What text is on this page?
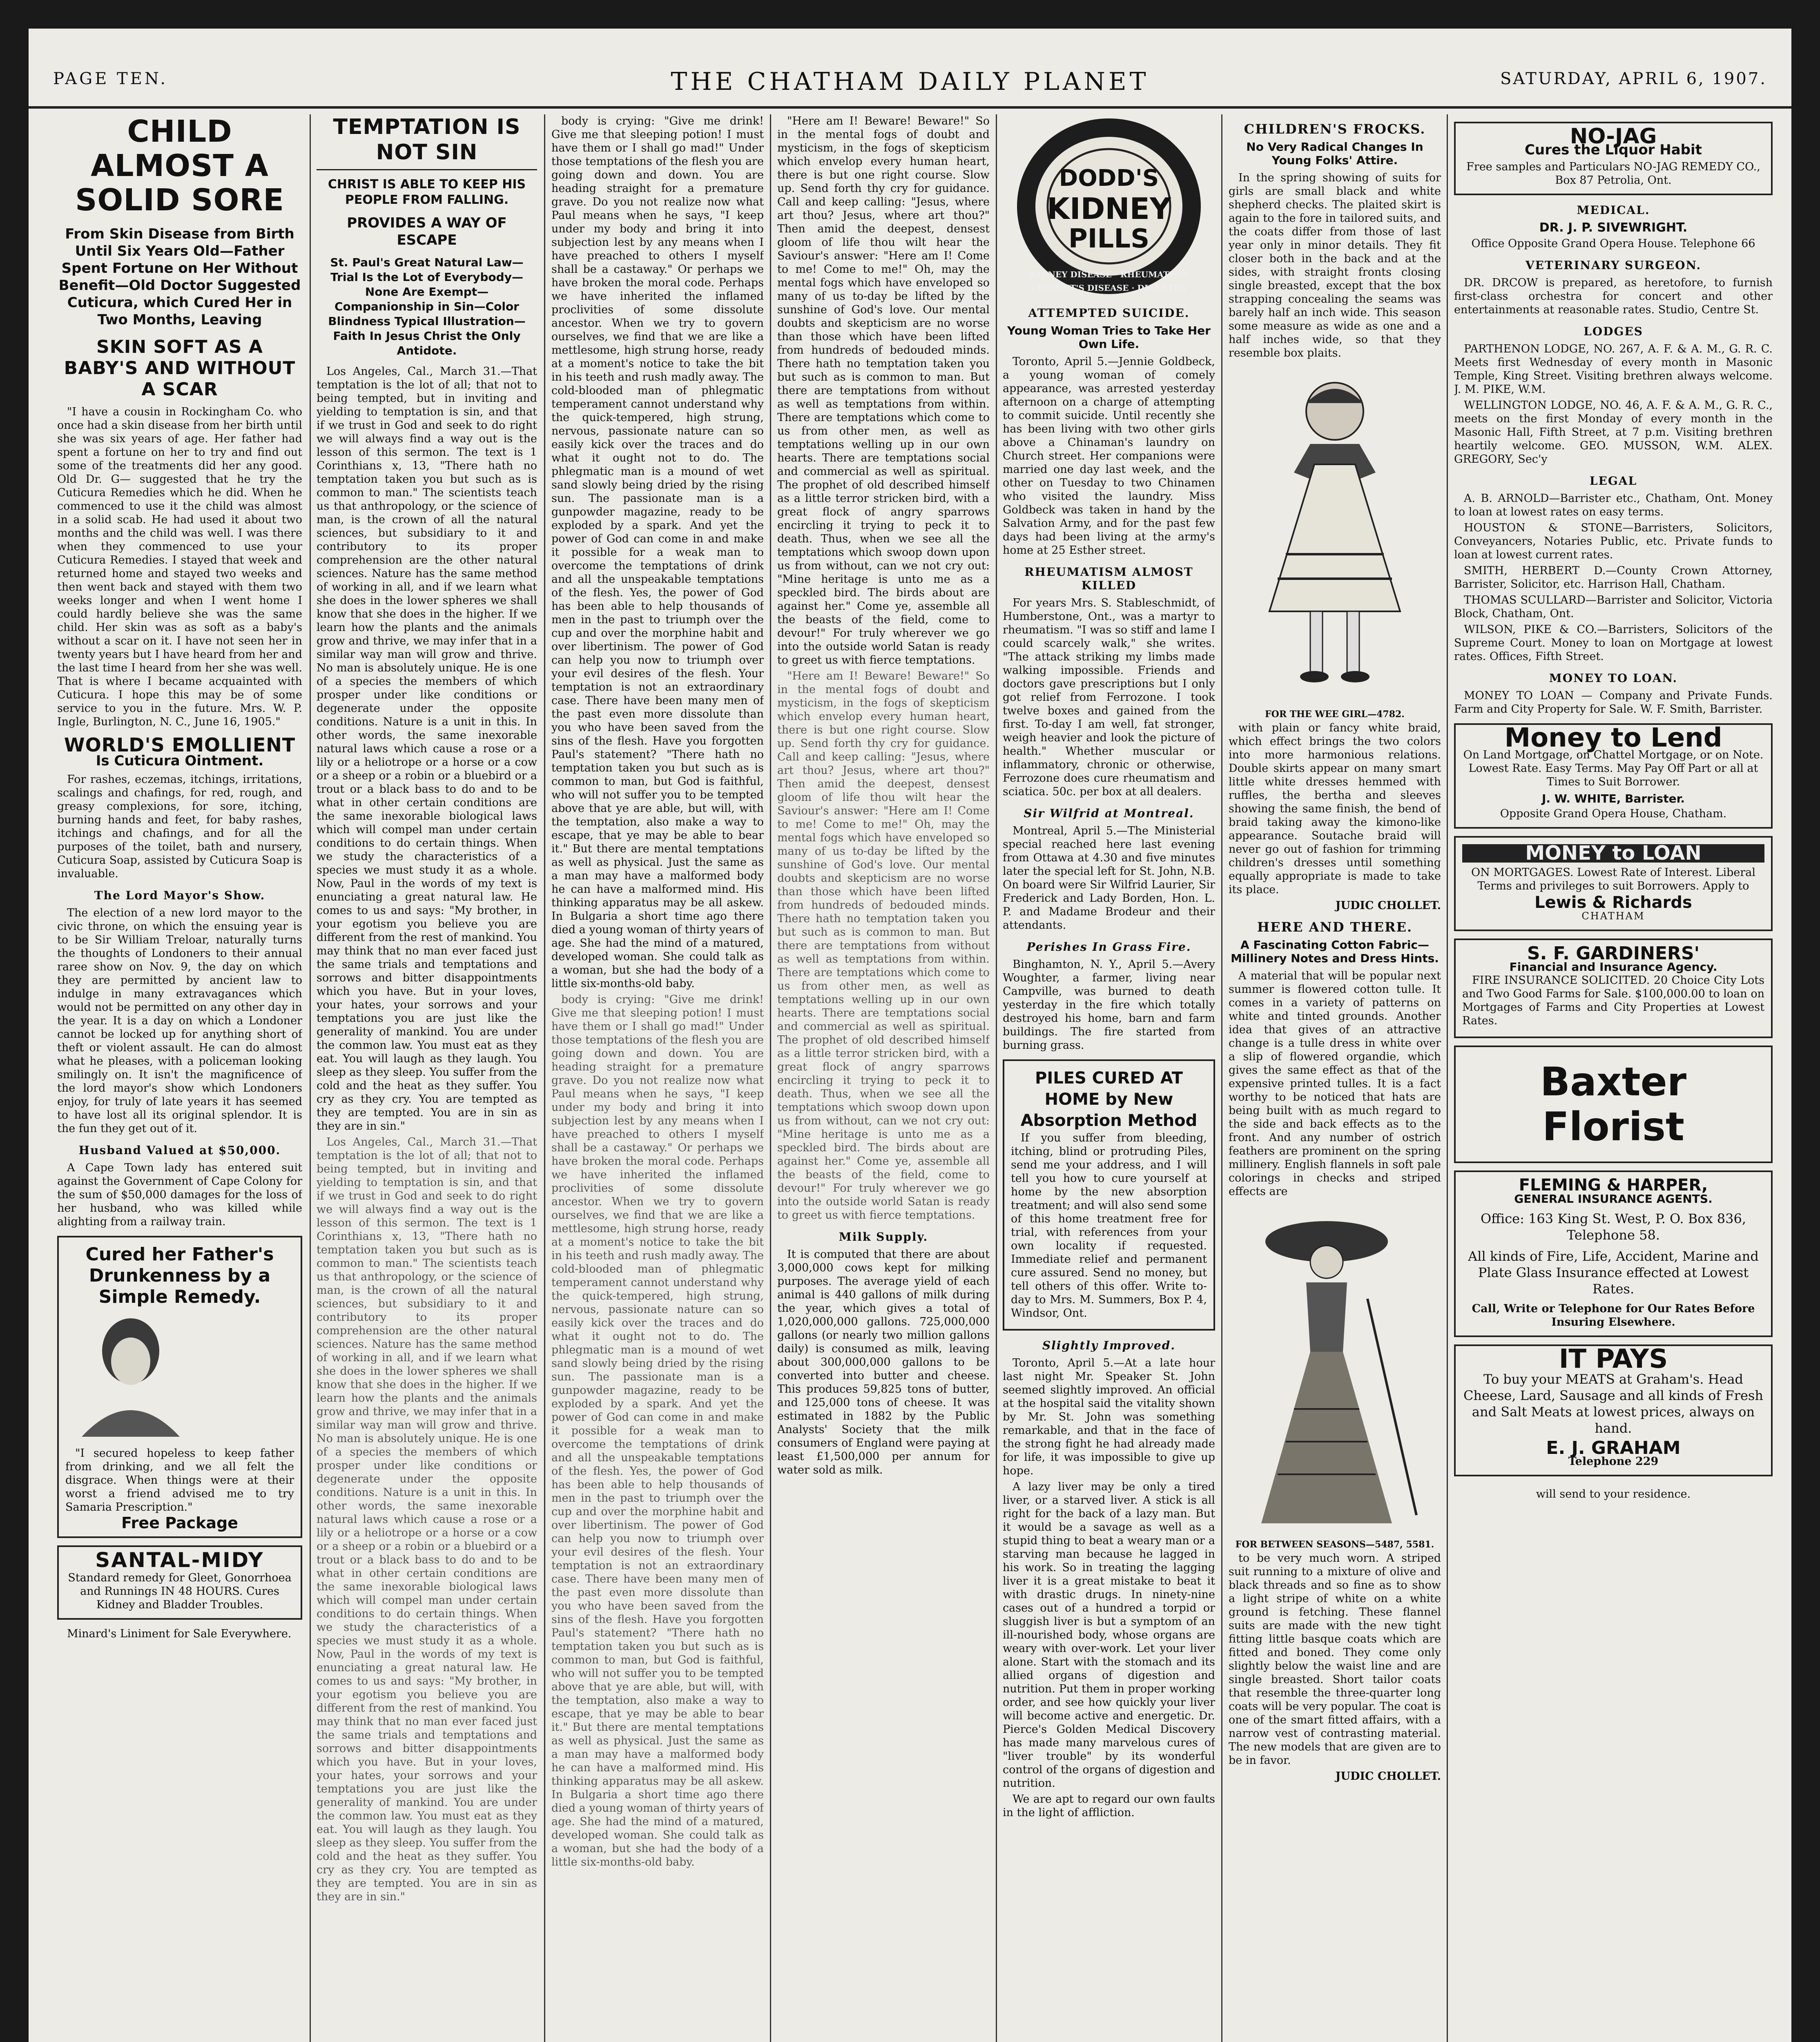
PAGE TEN.	THE CHATHAM DAILY PLANET	SATURDAY, APRIL 6, 1907.
CHILD ALMOST A SOLID SORE
From Skin Disease from Birth Until Six Years Old—Father Spent Fortune on Her Without Benefit—Old Doctor Suggested Cuticura, which Cured Her in Two Months, Leaving
SKIN SOFT AS A BABY'S AND WITHOUT A SCAR

"I have a cousin in Rockingham Co. who once had a skin disease from her birth until she was six years of age. Her father had spent a fortune on her to try and find out some of the treatments did her any good. Old Dr. G— suggested that he try the Cuticura Remedies which he did. When he commenced to use it the child was almost in a solid scab. He had used it about two months and the child was well. I was there when they commenced to use your Cuticura Remedies. I stayed that week and returned home and stayed two weeks and then went back and stayed with them two weeks longer and when I went home I could hardly believe she was the same child. Her skin was as soft as a baby's without a scar on it. I have not seen her in twenty years but I have heard from her and the last time I heard from her she was well. That is where I became acquainted with Cuticura. I hope this may be of some service to you in the future. Mrs. W. P. Ingle, Burlington, N. C., June 16, 1905."

WORLD'S EMOLLIENT
Is Cuticura Ointment.

For rashes, eczemas, itchings, irritations, scalings and chafings, for red, rough, and greasy complexions, for sore, itching, burning hands and feet, for baby rashes, itchings and chafings, and for all the purposes of the toilet, bath and nursery, Cuticura Soap, assisted by Cuticura Soap is invaluable.

The Lord Mayor's Show.

The election of a new lord mayor to the civic throne, on which the ensuing year is to be Sir William Treloar, naturally turns the thoughts of Londoners to their annual raree show on Nov. 9, the day on which they are permitted by ancient law to indulge in many extravagances which would not be permitted on any other day in the year. It is a day on which a Londoner cannot be locked up for anything short of theft or violent assault. He can do almost what he pleases, with a policeman looking smilingly on. It isn't the magnificence of the lord mayor's show which Londoners enjoy, for truly of late years it has seemed to have lost all its original splendor. It is the fun they get out of it.

Husband Valued at $50,000.

A Cape Town lady has entered suit against the Government of Cape Colony for the sum of $50,000 damages for the loss of her husband, who was killed while alighting from a railway train.

Cured her Father's Drunkenness by a Simple Remedy.

"I secured hopeless to keep father from drinking, and we all felt the disgrace. When things were at their worst a friend advised me to try Samaria Prescription."

Free Package
SANTAL-MIDY

Standard remedy for Gleet, Gonorrhoea and Runnings IN 48 HOURS. Cures Kidney and Bladder Troubles.

Minard's Liniment for Sale Everywhere.

TEMPTATION IS NOT SIN
CHRIST IS ABLE TO KEEP HIS PEOPLE FROM FALLING.
PROVIDES A WAY OF ESCAPE
St. Paul's Great Natural Law—Trial Is the Lot of Everybody—None Are Exempt—Companionship in Sin—Color Blindness Typical Illustration—Faith In Jesus Christ the Only Antidote.

Los Angeles, Cal., March 31.—That temptation is the lot of all; that not to being tempted, but in inviting and yielding to temptation is sin, and that if we trust in God and seek to do right we will always find a way out is the lesson of this sermon. The text is 1 Corinthians x, 13, "There hath no temptation taken you but such as is common to man." The scientists teach us that anthropology, or the science of man, is the crown of all the natural sciences, but subsidiary to it and contributory to its proper comprehension are the other natural sciences. Nature has the same method of working in all, and if we learn what she does in the lower spheres we shall know that she does in the higher. If we learn how the plants and the animals grow and thrive, we may infer that in a similar way man will grow and thrive. No man is absolutely unique. He is one of a species the members of which prosper under like conditions or degenerate under the opposite conditions. Nature is a unit in this. In other words, the same inexorable natural laws which cause a rose or a lily or a heliotrope or a horse or a cow or a sheep or a robin or a bluebird or a trout or a black bass to do and to be what in other certain conditions are the same inexorable biological laws which will compel man under certain conditions to do certain things. When we study the characteristics of a species we must study it as a whole. Now, Paul in the words of my text is enunciating a great natural law. He comes to us and says: "My brother, in your egotism you believe you are different from the rest of mankind. You may think that no man ever faced just the same trials and temptations and sorrows and bitter disappointments which you have. But in your loves, your hates, your sorrows and your temptations you are just like the generality of mankind. You are under the common law. You must eat as they eat. You will laugh as they laugh. You sleep as they sleep. You suffer from the cold and the heat as they suffer. You cry as they cry. You are tempted as they are tempted. You are in sin as they are in sin."

Los Angeles, Cal., March 31.—That temptation is the lot of all; that not to being tempted, but in inviting and yielding to temptation is sin, and that if we trust in God and seek to do right we will always find a way out is the lesson of this sermon. The text is 1 Corinthians x, 13, "There hath no temptation taken you but such as is common to man." The scientists teach us that anthropology, or the science of man, is the crown of all the natural sciences, but subsidiary to it and contributory to its proper comprehension are the other natural sciences. Nature has the same method of working in all, and if we learn what she does in the lower spheres we shall know that she does in the higher. If we learn how the plants and the animals grow and thrive, we may infer that in a similar way man will grow and thrive. No man is absolutely unique. He is one of a species the members of which prosper under like conditions or degenerate under the opposite conditions. Nature is a unit in this. In other words, the same inexorable natural laws which cause a rose or a lily or a heliotrope or a horse or a cow or a sheep or a robin or a bluebird or a trout or a black bass to do and to be what in other certain conditions are the same inexorable biological laws which will compel man under certain conditions to do certain things. When we study the characteristics of a species we must study it as a whole. Now, Paul in the words of my text is enunciating a great natural law. He comes to us and says: "My brother, in your egotism you believe you are different from the rest of mankind. You may think that no man ever faced just the same trials and temptations and sorrows and bitter disappointments which you have. But in your loves, your hates, your sorrows and your temptations you are just like the generality of mankind. You are under the common law. You must eat as they eat. You will laugh as they laugh. You sleep as they sleep. You suffer from the cold and the heat as they suffer. You cry as they cry. You are tempted as they are tempted. You are in sin as they are in sin."

body is crying: "Give me drink! Give me that sleeping potion! I must have them or I shall go mad!" Under those temptations of the flesh you are going down and down. You are heading straight for a premature grave. Do you not realize now what Paul means when he says, "I keep under my body and bring it into subjection lest by any means when I have preached to others I myself shall be a castaway." Or perhaps we have broken the moral code. Perhaps we have inherited the inflamed proclivities of some dissolute ancestor. When we try to govern ourselves, we find that we are like a mettlesome, high strung horse, ready at a moment's notice to take the bit in his teeth and rush madly away. The cold-blooded man of phlegmatic temperament cannot understand why the quick-tempered, high strung, nervous, passionate nature can so easily kick over the traces and do what it ought not to do. The phlegmatic man is a mound of wet sand slowly being dried by the rising sun. The passionate man is a gunpowder magazine, ready to be exploded by a spark. And yet the power of God can come in and make it possible for a weak man to overcome the temptations of drink and all the unspeakable temptations of the flesh. Yes, the power of God has been able to help thousands of men in the past to triumph over the cup and over the morphine habit and over libertinism. The power of God can help you now to triumph over your evil desires of the flesh. Your temptation is not an extraordinary case. There have been many men of the past even more dissolute than you who have been saved from the sins of the flesh. Have you forgotten Paul's statement? "There hath no temptation taken you but such as is common to man, but God is faithful, who will not suffer you to be tempted above that ye are able, but will, with the temptation, also make a way to escape, that ye may be able to bear it." But there are mental temptations as well as physical. Just the same as a man may have a malformed body he can have a malformed mind. His thinking apparatus may be all askew. In Bulgaria a short time ago there died a young woman of thirty years of age. She had the mind of a matured, developed woman. She could talk as a woman, but she had the body of a little six-months-old baby.

body is crying: "Give me drink! Give me that sleeping potion! I must have them or I shall go mad!" Under those temptations of the flesh you are going down and down. You are heading straight for a premature grave. Do you not realize now what Paul means when he says, "I keep under my body and bring it into subjection lest by any means when I have preached to others I myself shall be a castaway." Or perhaps we have broken the moral code. Perhaps we have inherited the inflamed proclivities of some dissolute ancestor. When we try to govern ourselves, we find that we are like a mettlesome, high strung horse, ready at a moment's notice to take the bit in his teeth and rush madly away. The cold-blooded man of phlegmatic temperament cannot understand why the quick-tempered, high strung, nervous, passionate nature can so easily kick over the traces and do what it ought not to do. The phlegmatic man is a mound of wet sand slowly being dried by the rising sun. The passionate man is a gunpowder magazine, ready to be exploded by a spark. And yet the power of God can come in and make it possible for a weak man to overcome the temptations of drink and all the unspeakable temptations of the flesh. Yes, the power of God has been able to help thousands of men in the past to triumph over the cup and over the morphine habit and over libertinism. The power of God can help you now to triumph over your evil desires of the flesh. Your temptation is not an extraordinary case. There have been many men of the past even more dissolute than you who have been saved from the sins of the flesh. Have you forgotten Paul's statement? "There hath no temptation taken you but such as is common to man, but God is faithful, who will not suffer you to be tempted above that ye are able, but will, with the temptation, also make a way to escape, that ye may be able to bear it." But there are mental temptations as well as physical. Just the same as a man may have a malformed body he can have a malformed mind. His thinking apparatus may be all askew. In Bulgaria a short time ago there died a young woman of thirty years of age. She had the mind of a matured, developed woman. She could talk as a woman, but she had the body of a little six-months-old baby.

"Here am I! Beware! Beware!" So in the mental fogs of doubt and mysticism, in the fogs of skepticism which envelop every human heart, there is but one right course. Slow up. Send forth thy cry for guidance. Call and keep calling: "Jesus, where art thou? Jesus, where art thou?" Then amid the deepest, densest gloom of life thou wilt hear the Saviour's answer: "Here am I! Come to me! Come to me!" Oh, may the mental fogs which have enveloped so many of us to-day be lifted by the sunshine of God's love. Our mental doubts and skepticism are no worse than those which have been lifted from hundreds of bedouded minds. There hath no temptation taken you but such as is common to man. But there are temptations from without as well as temptations from within. There are temptations which come to us from other men, as well as temptations welling up in our own hearts. There are temptations social and commercial as well as spiritual. The prophet of old described himself as a little terror stricken bird, with a great flock of angry sparrows encircling it trying to peck it to death. Thus, when we see all the temptations which swoop down upon us from without, can we not cry out: "Mine heritage is unto me as a speckled bird. The birds about are against her." Come ye, assemble all the beasts of the field, come to devour!" For truly wherever we go into the outside world Satan is ready to greet us with fierce temptations.

"Here am I! Beware! Beware!" So in the mental fogs of doubt and mysticism, in the fogs of skepticism which envelop every human heart, there is but one right course. Slow up. Send forth thy cry for guidance. Call and keep calling: "Jesus, where art thou? Jesus, where art thou?" Then amid the deepest, densest gloom of life thou wilt hear the Saviour's answer: "Here am I! Come to me! Come to me!" Oh, may the mental fogs which have enveloped so many of us to-day be lifted by the sunshine of God's love. Our mental doubts and skepticism are no worse than those which have been lifted from hundreds of bedouded minds. There hath no temptation taken you but such as is common to man. But there are temptations from without as well as temptations from within. There are temptations which come to us from other men, as well as temptations welling up in our own hearts. There are temptations social and commercial as well as spiritual. The prophet of old described himself as a little terror stricken bird, with a great flock of angry sparrows encircling it trying to peck it to death. Thus, when we see all the temptations which swoop down upon us from without, can we not cry out: "Mine heritage is unto me as a speckled bird. The birds about are against her." Come ye, assemble all the beasts of the field, come to devour!" For truly wherever we go into the outside world Satan is ready to greet us with fierce temptations.

Milk Supply.

It is computed that there are about 3,000,000 cows kept for milking purposes. The average yield of each animal is 440 gallons of milk during the year, which gives a total of 1,020,000,000 gallons. 725,000,000 gallons (or nearly two million gallons daily) is consumed as milk, leaving about 300,000,000 gallons to be converted into butter and cheese. This produces 59,825 tons of butter, and 125,000 tons of cheese. It was estimated in 1882 by the Public Analysts' Society that the milk consumers of England were paying at least £1,500,000 per annum for water sold as milk.

DODD'S
KIDNEY
PILLS
KIDNEY DISEASE · RHEUMATISM · BRIGHT'S DISEASE · DIABETES
ATTEMPTED SUICIDE.
Young Woman Tries to Take Her Own Life.

Toronto, April 5.—Jennie Goldbeck, a young woman of comely appearance, was arrested yesterday afternoon on a charge of attempting to commit suicide. Until recently she has been living with two other girls above a Chinaman's laundry on Church street. Her companions were married one day last week, and the other on Tuesday to two Chinamen who visited the laundry. Miss Goldbeck was taken in hand by the Salvation Army, and for the past few days had been living at the army's home at 25 Esther street.

RHEUMATISM ALMOST KILLED

For years Mrs. S. Stableschmidt, of Humberstone, Ont., was a martyr to rheumatism. "I was so stiff and lame I could scarcely walk," she writes. "The attack striking my limbs made walking impossible. Friends and doctors gave prescriptions but I only got relief from Ferrozone. I took twelve boxes and gained from the first. To-day I am well, fat stronger, weigh heavier and look the picture of health." Whether muscular or inflammatory, chronic or otherwise, Ferrozone does cure rheumatism and sciatica. 50c. per box at all dealers.

Sir Wilfrid at Montreal.

Montreal, April 5.—The Ministerial special reached here last evening from Ottawa at 4.30 and five minutes later the special left for St. John, N.B. On board were Sir Wilfrid Laurier, Sir Frederick and Lady Borden, Hon. L. P. and Madame Brodeur and their attendants.

Perishes In Grass Fire.

Binghamton, N. Y., April 5.—Avery Woughter, a farmer, living near Campville, was burned to death yesterday in the fire which totally destroyed his home, barn and farm buildings. The fire started from burning grass.

PILES CURED AT HOME by New Absorption Method

If you suffer from bleeding, itching, blind or protruding Piles, send me your address, and I will tell you how to cure yourself at home by the new absorption treatment; and will also send some of this home treatment free for trial, with references from your own locality if requested. Immediate relief and permanent cure assured. Send no money, but tell others of this offer. Write to-day to Mrs. M. Summers, Box P. 4, Windsor, Ont.

Slightly Improved.

Toronto, April 5.—At a late hour last night Mr. Speaker St. John seemed slightly improved. An official at the hospital said the vitality shown by Mr. St. John was something remarkable, and that in the face of the strong fight he had already made for life, it was impossible to give up hope.

A lazy liver may be only a tired liver, or a starved liver. A stick is all right for the back of a lazy man. But it would be a savage as well as a stupid thing to beat a weary man or a starving man because he lagged in his work. So in treating the lagging liver it is a great mistake to beat it with drastic drugs. In ninety-nine cases out of a hundred a torpid or sluggish liver is but a symptom of an ill-nourished body, whose organs are weary with over-work. Let your liver alone. Start with the stomach and its allied organs of digestion and nutrition. Put them in proper working order, and see how quickly your liver will become active and energetic. Dr. Pierce's Golden Medical Discovery has made many marvelous cures of "liver trouble" by its wonderful control of the organs of digestion and nutrition.

We are apt to regard our own faults in the light of affliction.

CHILDREN'S FROCKS.
No Very Radical Changes In Young Folks' Attire.

In the spring showing of suits for girls are small black and white shepherd checks. The plaited skirt is again to the fore in tailored suits, and the coats differ from those of last year only in minor details. They fit closer both in the back and at the sides, with straight fronts closing single breasted, except that the box strapping concealing the seams was barely half an inch wide. This season some measure as wide as one and a half inches wide, so that they resemble box plaits.

FOR THE WEE GIRL—4782.

with plain or fancy white braid, which effect brings the two colors into more harmonious relations. Double skirts appear on many smart little white dresses hemmed with ruffles, the bertha and sleeves showing the same finish, the bend of braid taking away the kimono-like appearance. Soutache braid will never go out of fashion for trimming children's dresses until something equally appropriate is made to take its place.

JUDIC CHOLLET.
HERE AND THERE.
A Fascinating Cotton Fabric—Millinery Notes and Dress Hints.

A material that will be popular next summer is flowered cotton tulle. It comes in a variety of patterns on white and tinted grounds. Another idea that gives of an attractive change is a tulle dress in white over a slip of flowered organdie, which gives the same effect as that of the expensive printed tulles. It is a fact worthy to be noticed that hats are being built with as much regard to the side and back effects as to the front. And any number of ostrich feathers are prominent on the spring millinery. English flannels in soft pale colorings in checks and striped effects are

FOR BETWEEN SEASONS—5487, 5581.

to be very much worn. A striped suit running to a mixture of olive and black threads and so fine as to show a light stripe of white on a white ground is fetching. These flannel suits are made with the new tight fitting little basque coats which are fitted and boned. They come only slightly below the waist line and are single breasted. Short tailor coats that resemble the three-quarter long coats will be very popular. The coat is one of the smart fitted affairs, with a narrow vest of contrasting material. The new models that are given are to be in favor.

JUDIC CHOLLET.
NO-JAG
Cures the Liquor Habit

Free samples and Particulars NO-JAG REMEDY CO., Box 87 Petrolia, Ont.

MEDICAL.
DR. J. P. SIVEWRIGHT.

Office Opposite Grand Opera House. Telephone 66

VETERINARY SURGEON.

DR. DRCOW is prepared, as heretofore, to furnish first-class orchestra for concert and other entertainments at reasonable rates. Studio, Centre St.

LODGES

PARTHENON LODGE, NO. 267, A. F. & A. M., G. R. C. Meets first Wednesday of every month in Masonic Temple, King Street. Visiting brethren always welcome. J. M. PIKE, W.M.

WELLINGTON LODGE, NO. 46, A. F. & A. M., G. R. C., meets on the first Monday of every month in the Masonic Hall, Fifth Street, at 7 p.m. Visiting brethren heartily welcome. GEO. MUSSON, W.M. ALEX. GREGORY, Sec'y

LEGAL

A. B. ARNOLD—Barrister etc., Chatham, Ont. Money to loan at lowest rates on easy terms.

HOUSTON & STONE—Barristers, Solicitors, Conveyancers, Notaries Public, etc. Private funds to loan at lowest current rates.

SMITH, HERBERT D.—County Crown Attorney, Barrister, Solicitor, etc. Harrison Hall, Chatham.

THOMAS SCULLARD—Barrister and Solicitor, Victoria Block, Chatham, Ont.

WILSON, PIKE & CO.—Barristers, Solicitors of the Supreme Court. Money to loan on Mortgage at lowest rates. Offices, Fifth Street.

MONEY TO LOAN.

MONEY TO LOAN — Company and Private Funds. Farm and City Property for Sale. W. F. Smith, Barrister.

Money to Lend

On Land Mortgage, on Chattel Mortgage, or on Note. Lowest Rate. Easy Terms. May Pay Off Part or all at Times to Suit Borrower.

J. W. WHITE, Barrister.

Opposite Grand Opera House, Chatham.

MONEY to LOAN

ON MORTGAGES. Lowest Rate of Interest. Liberal Terms and privileges to suit Borrowers. Apply to

Lewis & Richards
CHATHAM
S. F. GARDINERS'
Financial and Insurance Agency.

FIRE INSURANCE SOLICITED. 20 Choice City Lots and Two Good Farms for Sale. $100,000.00 to loan on Mortgages of Farms and City Properties at Lowest Rates.

Baxter
Florist
FLEMING & HARPER,
GENERAL INSURANCE AGENTS.

Office: 163 King St. West, P. O. Box 836, Telephone 58.

All kinds of Fire, Life, Accident, Marine and Plate Glass Insurance effected at Lowest Rates.

Call, Write or Telephone for Our Rates Before Insuring Elsewhere.

IT PAYS

To buy your MEATS at Graham's. Head Cheese, Lard, Sausage and all kinds of Fresh and Salt Meats at lowest prices, always on hand.

E. J. GRAHAM
Telephone 229

will send to your residence.
